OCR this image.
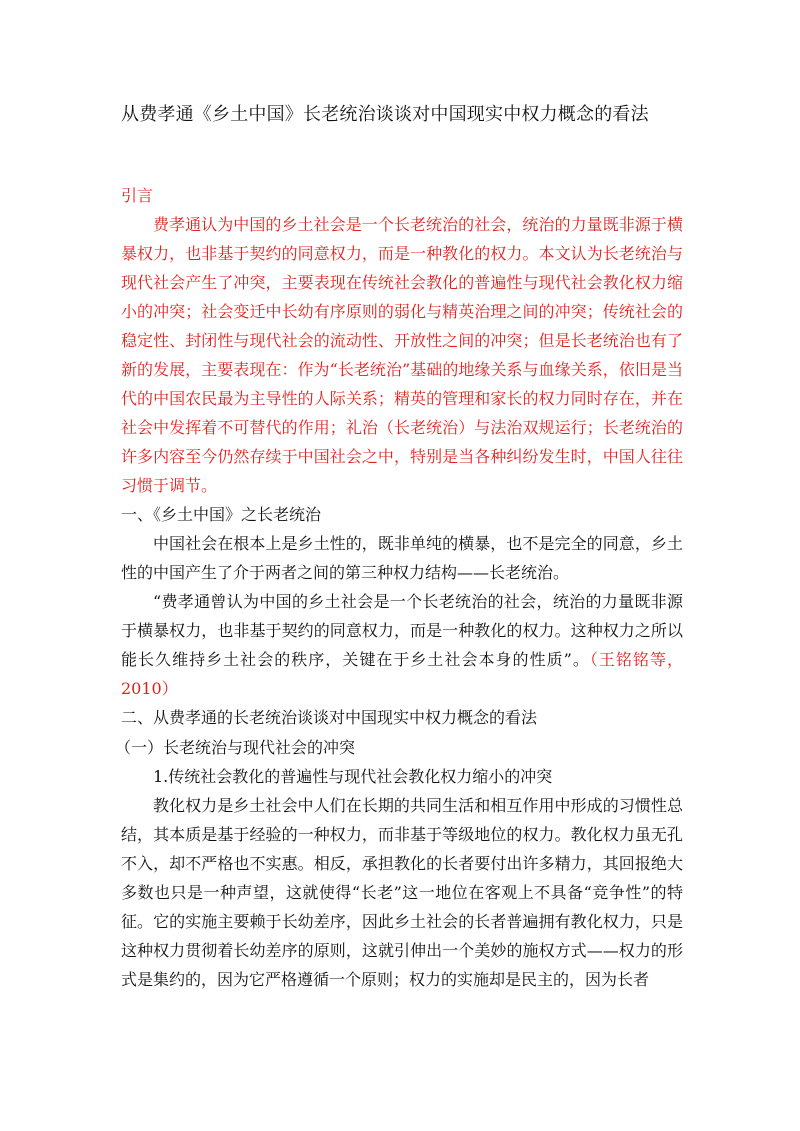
从费孝通《乡土中国》长老统治谈谈对中国现实中权力概念的看法
引言

费孝通认为中国的乡土社会是一个长老统治的社会，统治的力量既非源于横暴权力，也非基于契约的同意权力，而是一种教化的权力。本文认为长老统治与现代社会产生了冲突，主要表现在传统社会教化的普遍性与现代社会教化权力缩小的冲突；社会变迁中长幼有序原则的弱化与精英治理之间的冲突；传统社会的稳定性、封闭性与现代社会的流动性、开放性之间的冲突；但是长老统治也有了新的发展，主要表现在：作为“长老统治”基础的地缘关系与血缘关系，依旧是当代的中国农民最为主导性的人际关系；精英的管理和家长的权力同时存在，并在社会中发挥着不可替代的作用；礼治（长老统治）与法治双规运行；长老统治的许多内容至今仍然存续于中国社会之中，特别是当各种纠纷发生时，中国人往往习惯于调节。

一、《乡土中国》之长老统治

中国社会在根本上是乡土性的，既非单纯的横暴，也不是完全的同意，乡土性的中国产生了介于两者之间的第三种权力结构——长老统治。

“费孝通曾认为中国的乡土社会是一个长老统治的社会，统治的力量既非源于横暴权力，也非基于契约的同意权力，而是一种教化的权力。这种权力之所以能长久维持乡土社会的秩序，关键在于乡土社会本身的性质”。（王铭铭等，2010）

二、从费孝通的长老统治谈谈对中国现实中权力概念的看法
（一）长老统治与现代社会的冲突
1.传统社会教化的普遍性与现代社会教化权力缩小的冲突

教化权力是乡土社会中人们在长期的共同生活和相互作用中形成的习惯性总结，其本质是基于经验的一种权力，而非基于等级地位的权力。教化权力虽无孔不入，却不严格也不实惠。相反，承担教化的长者要付出许多精力，其回报绝大多数也只是一种声望，这就使得“长老”这一地位在客观上不具备“竞争性”的特征。它的实施主要赖于长幼差序，因此乡土社会的长者普遍拥有教化权力，只是这种权力贯彻着长幼差序的原则，这就引伸出一个美妙的施权方式——权力的形式是集约的，因为它严格遵循一个原则；权力的实施却是民主的，因为长者
